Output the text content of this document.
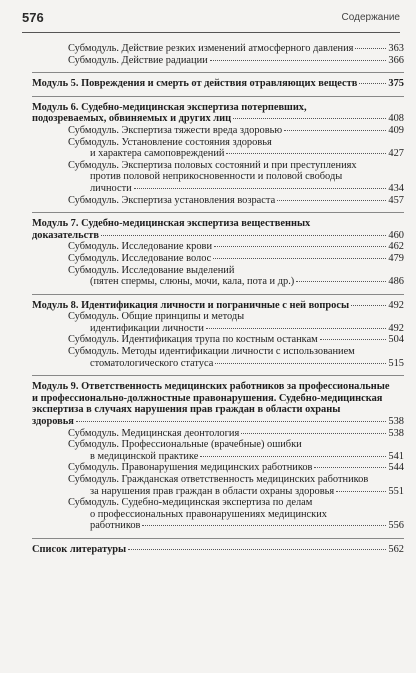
576	Содержание
Субмодуль. Действие резких изменений атмосферного давления	363
Субмодуль. Действие радиации	366
Модуль 5. Повреждения и смерть от действия отравляющих веществ	375
Модуль 6. Судебно-медицинская экспертиза потерпевших,
подозреваемых, обвиняемых и других лиц	408
Субмодуль. Экспертиза тяжести вреда здоровью	409
Субмодуль. Установление состояния здоровья
и характера самоповреждений	427
Субмодуль. Экспертиза половых состояний и при преступлениях
против половой неприкосновенности и половой свободы
личности	434
Субмодуль. Экспертиза установления возраста	457
Модуль 7. Судебно-медицинская экспертиза вещественных
доказательств	460
Субмодуль. Исследование крови	462
Субмодуль. Исследование волос	479
Субмодуль. Исследование выделений
(пятен спермы, слюны, мочи, кала, пота и др.)	486
Модуль 8. Идентификация личности и пограничные с ней вопросы	492
Субмодуль. Общие принципы и методы
идентификации личности	492
Субмодуль. Идентификация трупа по костным останкам	504
Субмодуль. Методы идентификации личности с использованием
стоматологического статуса	515
Модуль 9. Ответственность медицинских работников за профессиональные
и профессионально-должностные правонарушения. Судебно-медицинская
экспертиза в случаях нарушения прав граждан в области охраны
здоровья	538
Субмодуль. Медицинская деонтология	538
Субмодуль. Профессиональные (врачебные) ошибки
в медицинской практике	541
Субмодуль. Правонарушения медицинских работников	544
Субмодуль. Гражданская ответственность медицинских работников
за нарушения прав граждан в области охраны здоровья	551
Субмодуль. Судебно-медицинская экспертиза по делам
о профессиональных правонарушениях медицинских
работников	556
Список литературы	562
